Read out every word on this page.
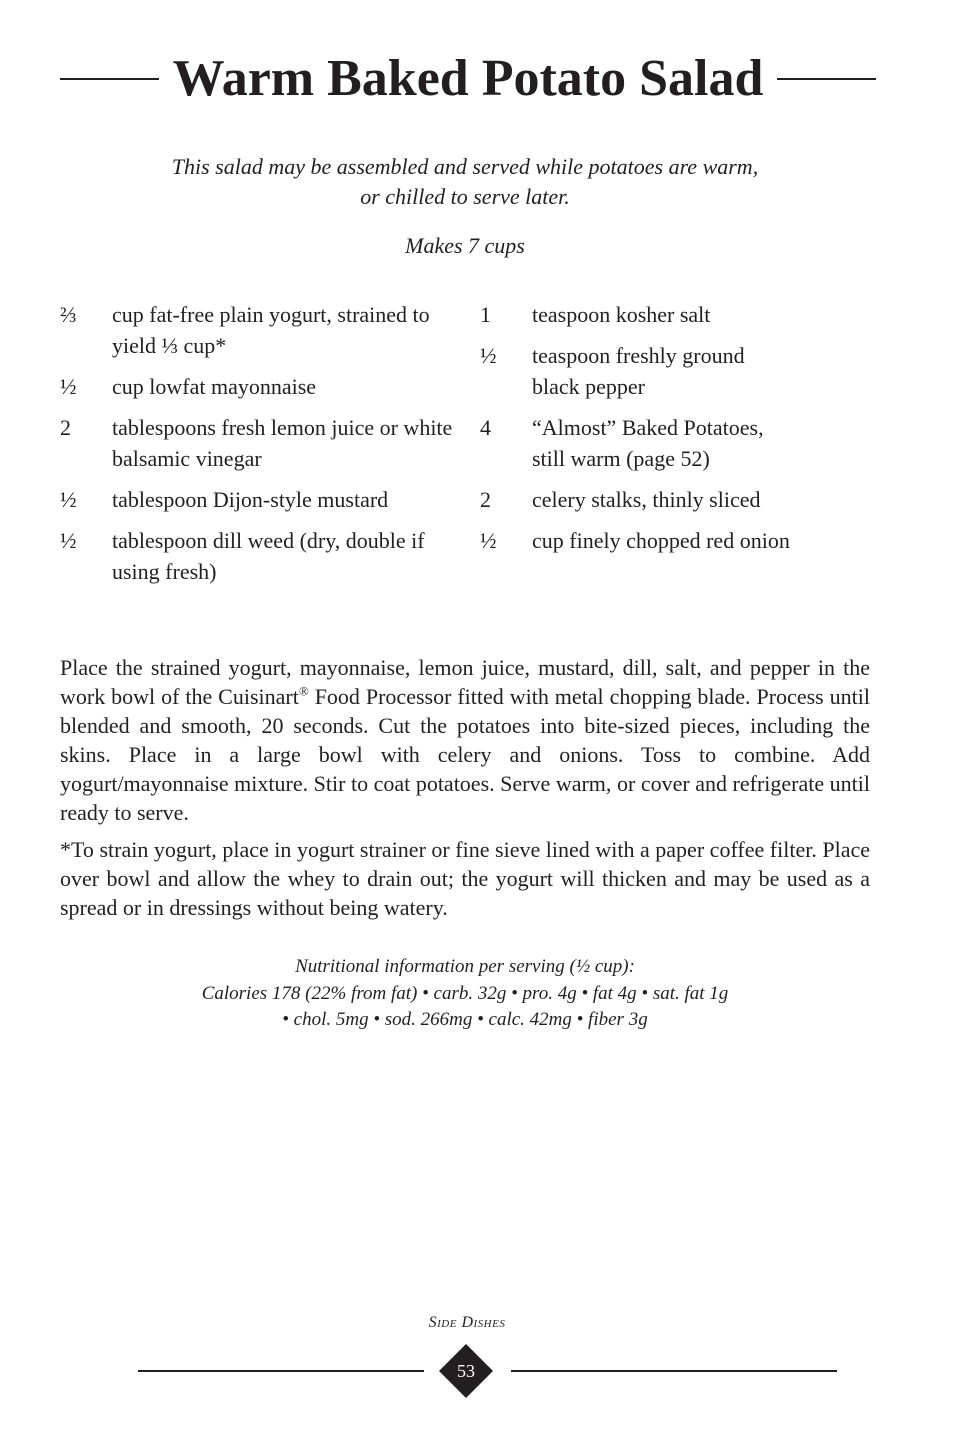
Warm Baked Potato Salad
This salad may be assembled and served while potatoes are warm,
or chilled to serve later.
Makes 7 cups
⅔	cup fat-free plain yogurt, strained to yield ⅓ cup*
½	cup lowfat mayonnaise
2	tablespoons fresh lemon juice or white balsamic vinegar
½	tablespoon Dijon-style mustard
½	tablespoon dill weed (dry, double if using fresh)
1	teaspoon kosher salt
½	teaspoon freshly ground black pepper
4	“Almost” Baked Potatoes, still warm (page 52)
2	celery stalks, thinly sliced
½	cup finely chopped red onion

Place the strained yogurt, mayonnaise, lemon juice, mustard, dill, salt, and pepper in the work bowl of the Cuisinart® Food Processor fitted with metal chopping blade. Process until blended and smooth, 20 seconds. Cut the potatoes into bite-sized pieces, including the skins. Place in a large bowl with celery and onions. Toss to combine. Add yogurt/mayonnaise mixture. Stir to coat potatoes. Serve warm, or cover and refrigerate until ready to serve.

*To strain yogurt, place in yogurt strainer or fine sieve lined with a paper coffee filter. Place over bowl and allow the whey to drain out; the yogurt will thicken and may be used as a spread or in dressings without being watery.

Nutritional information per serving (½ cup):
Calories 178 (22% from fat) • carb. 32g • pro. 4g • fat 4g • sat. fat 1g
• chol. 5mg • sod. 266mg • calc. 42mg • fiber 3g
Side Dishes
53
